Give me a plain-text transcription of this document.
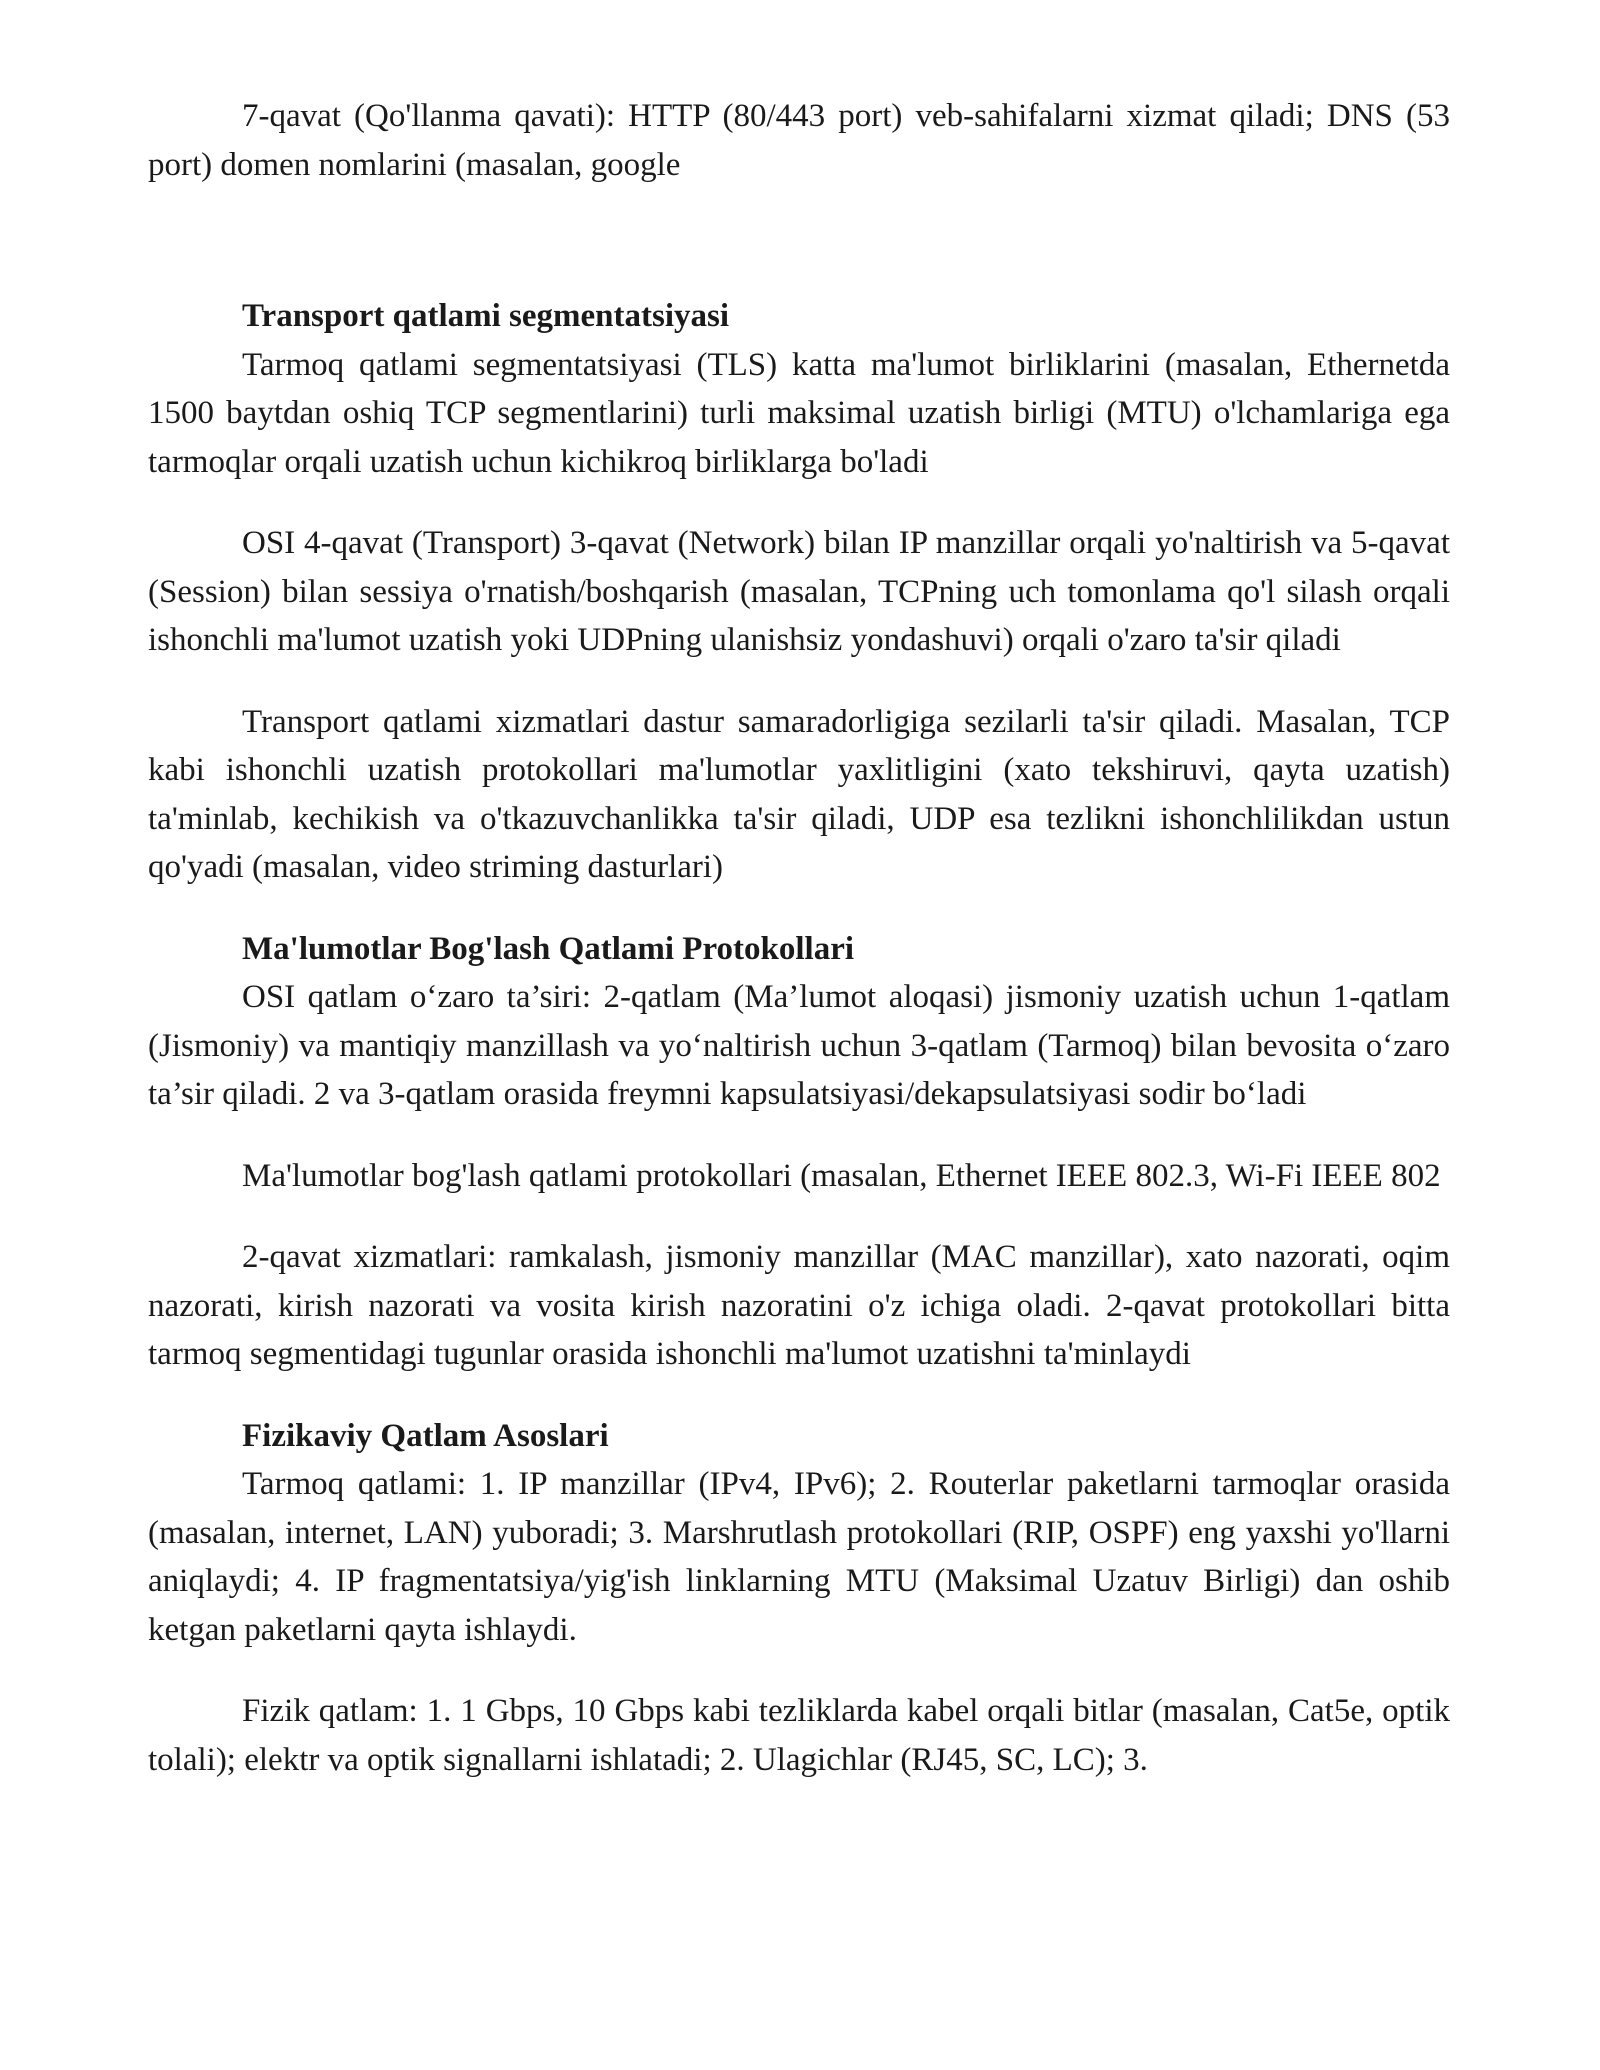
7-qavat (Qo'llanma qavati): HTTP (80/443 port) veb-sahifalarni xizmat qiladi; DNS (53 port) domen nomlarini (masalan, google

Transport qatlami segmentatsiyasi

Tarmoq qatlami segmentatsiyasi (TLS) katta ma'lumot birliklarini (masalan, Ethernetda 1500 baytdan oshiq TCP segmentlarini) turli maksimal uzatish birligi (MTU) o'lchamlariga ega tarmoqlar orqali uzatish uchun kichikroq birliklarga bo'ladi

OSI 4-qavat (Transport) 3-qavat (Network) bilan IP manzillar orqali yo'naltirish va 5-qavat (Session) bilan sessiya o'rnatish/boshqarish (masalan, TCPning uch tomonlama qo'l silash orqali ishonchli ma'lumot uzatish yoki UDPning ulanishsiz yondashuvi) orqali o'zaro ta'sir qiladi

Transport qatlami xizmatlari dastur samaradorligiga sezilarli ta'sir qiladi. Masalan, TCP kabi ishonchli uzatish protokollari ma'lumotlar yaxlitligini (xato tekshiruvi, qayta uzatish) ta'minlab, kechikish va o'tkazuvchanlikka ta'sir qiladi, UDP esa tezlikni ishonchlilikdan ustun qo'yadi (masalan, video striming dasturlari)

Ma'lumotlar Bog'lash Qatlami Protokollari

OSI qatlam o‘zaro ta’siri: 2-qatlam (Ma’lumot aloqasi) jismoniy uzatish uchun 1-qatlam (Jismoniy) va mantiqiy manzillash va yo‘naltirish uchun 3-qatlam (Tarmoq) bilan bevosita o‘zaro ta’sir qiladi. 2 va 3-qatlam orasida freymni kapsulatsiyasi/dekapsulatsiyasi sodir bo‘ladi

Ma'lumotlar bog'lash qatlami protokollari (masalan, Ethernet IEEE 802.3, Wi-Fi IEEE 802

2-qavat xizmatlari: ramkalash, jismoniy manzillar (MAC manzillar), xato nazorati, oqim nazorati, kirish nazorati va vosita kirish nazoratini o'z ichiga oladi. 2-qavat protokollari bitta tarmoq segmentidagi tugunlar orasida ishonchli ma'lumot uzatishni ta'minlaydi

Fizikaviy Qatlam Asoslari

Tarmoq qatlami: 1. IP manzillar (IPv4, IPv6); 2. Routerlar paketlarni tarmoqlar orasida (masalan, internet, LAN) yuboradi; 3. Marshrutlash protokollari (RIP, OSPF) eng yaxshi yo'llarni aniqlaydi; 4. IP fragmentatsiya/yig'ish linklarning MTU (Maksimal Uzatuv Birligi) dan oshib ketgan paketlarni qayta ishlaydi.

Fizik qatlam: 1. 1 Gbps, 10 Gbps kabi tezliklarda kabel orqali bitlar (masalan, Cat5e, optik tolali); elektr va optik signallarni ishlatadi; 2. Ulagichlar (RJ45, SC, LC); 3.
